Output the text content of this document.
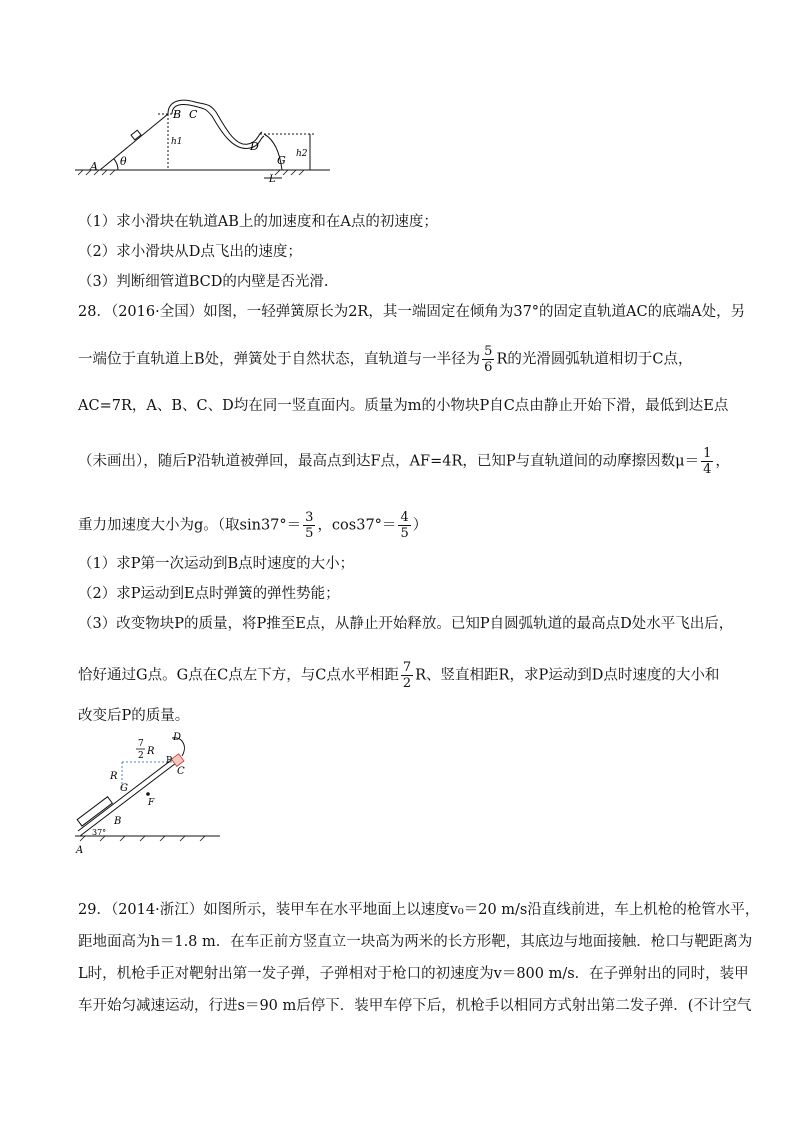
A θ
B C
h1	D
G
L
h2
（1）求小滑块在轨道AB上的加速度和在A点的初速度；
（2）求小滑块从D点飞出的速度；
（3）判断细管道BCD的内壁是否光滑.
28．（2016·全国）如图，一轻弹簧原长为2R，其一端固定在倾角为37°的固定直轨道AC的底端A处，另
一端位于直轨道上B处，弹簧处于自然状态，直轨道与一半径为 $\frac{5}{6}$ R的光滑圆弧轨道相切于C点，
AC=7R，A、B、C、D均在同一竖直面内。质量为m的小物块P自C点由静止开始下滑，最低到达E点
（未画出），随后P沿轨道被弹回，最高点到达F点，AF=4R，已知P与直轨道间的动摩擦因数$\mu= \frac{1}{4}$ ，
重力加速度大小为g。（取$\sin 37^\circ= \frac{3}{5}$ ，$\cos 37^\circ= \frac{4}{5}$ ）
（1）求P第一次运动到B点时速度的大小；
（2）求P运动到E点时弹簧的弹性势能；
（3）改变物块P的质量，将P推至E点，从静止开始释放。已知P自圆弧轨道的最高点D处水平飞出后，
恰好通过G点。G点在C点左下方，与C点水平相距 $\frac{7}{2}$ R、竖直相距R，求P运动到D点时速度的大小和
改变后P的质量。
7
2 R
D
P
C
R
G
F
B
37°
A
29．（2014·浙江）如图所示，装甲车在水平地面上以速度v₀＝20 m/s沿直线前进，车上机枪的枪管水平，
距地面高为h＝1.8 m．在车正前方竖直立一块高为两米的长方形靶，其底边与地面接触．枪口与靶距离为
L时，机枪手正对靶射出第一发子弹，子弹相对于枪口的初速度为v＝800 m/s．在子弹射出的同时，装甲
车开始匀减速运动，行进s＝90 m后停下．装甲车停下后，机枪手以相同方式射出第二发子弹．(不计空气
